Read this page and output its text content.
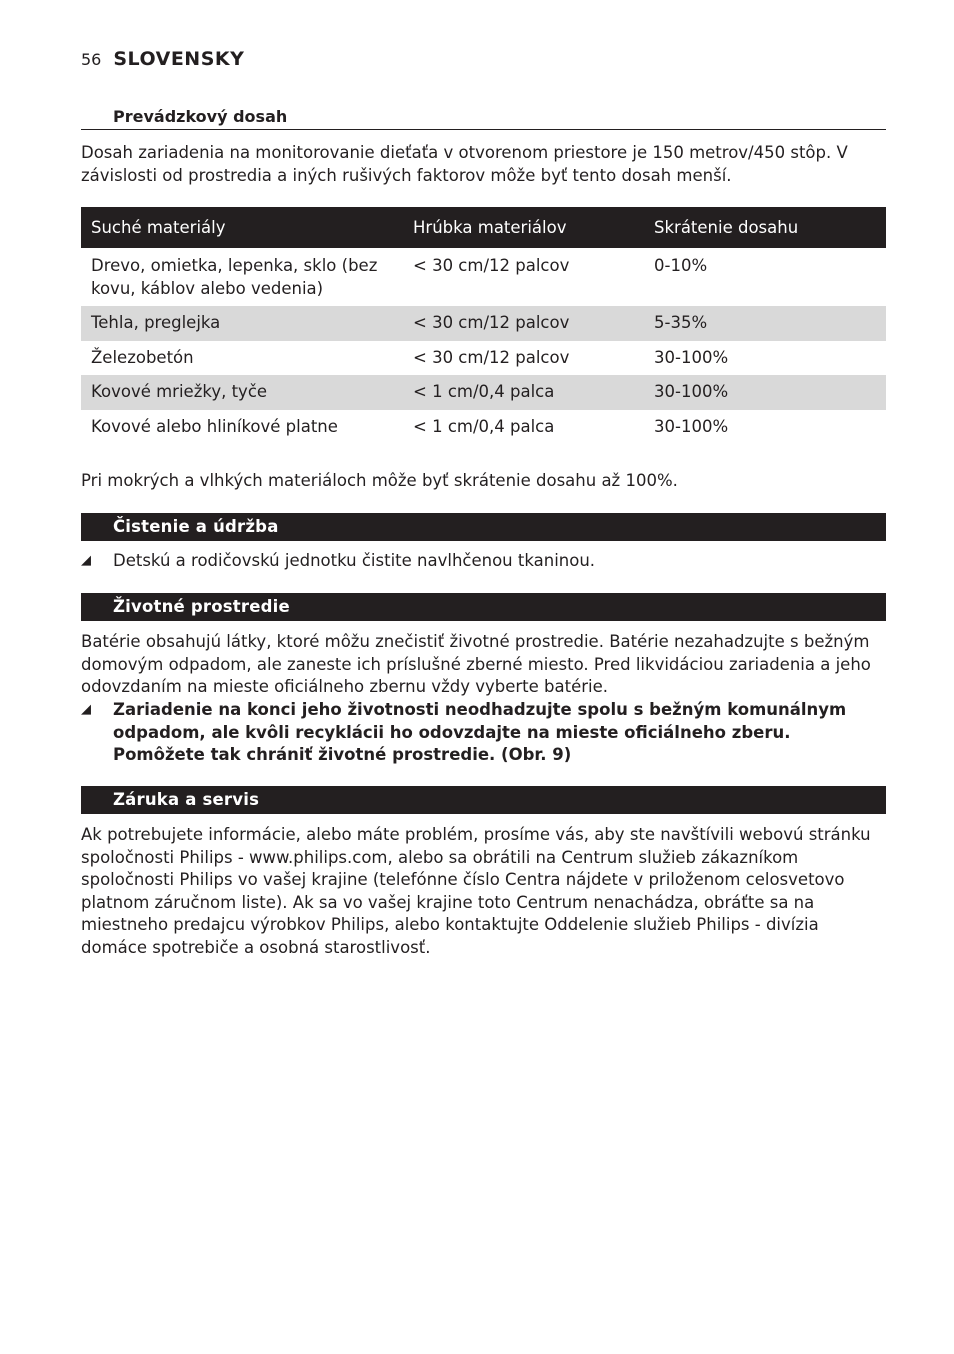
56 SLOVENSKY
Prevádzkový dosah

Dosah zariadenia na monitorovanie dieťaťa v otvorenom priestore je 150 metrov/450 stôp. V závislosti od prostredia a iných rušivých faktorov môže byť tento dosah menší.

Suché materiály	Hrúbka materiálov	Skrátenie dosahu
Drevo, omietka, lepenka, sklo (bez kovu, káblov alebo vedenia)	< 30 cm/12 palcov	0-10%
Tehla, preglejka	< 30 cm/12 palcov	5-35%
Železobetón	< 30 cm/12 palcov	30-100%
Kovové mriežky, tyče	< 1 cm/0,4 palca	30-100%
Kovové alebo hliníkové platne	< 1 cm/0,4 palca	30-100%

Pri mokrých a vlhkých materiáloch môže byť skrátenie dosahu až 100%.

Čistenie a údržba
◢	Detskú a rodičovskú jednotku čistite navlhčenou tkaninou.
Životné prostredie

Batérie obsahujú látky, ktoré môžu znečistiť životné prostredie. Batérie nezahadzujte s bežným domovým odpadom, ale zaneste ich príslušné zberné miesto. Pred likvidáciou zariadenia a jeho odovzdaním na mieste oficiálneho zbernu vždy vyberte batérie.

◢	Zariadenie na konci jeho životnosti neodhadzujte spolu s bežným komunálnym odpadom, ale kvôli recyklácii ho odovzdajte na mieste oficiálneho zberu. Pomôžete tak chrániť životné prostredie. (Obr. 9)
Záruka a servis

Ak potrebujete informácie, alebo máte problém, prosíme vás, aby ste navštívili webovú stránku spoločnosti Philips - www.philips.com, alebo sa obrátili na Centrum služieb zákazníkom spoločnosti Philips vo vašej krajine (telefónne číslo Centra nájdete v priloženom celosvetovo platnom záručnom liste). Ak sa vo vašej krajine toto Centrum nenachádza, obráťte sa na miestneho predajcu výrobkov Philips, alebo kontaktujte Oddelenie služieb Philips - divízia domáce spotrebiče a osobná starostlivosť.
